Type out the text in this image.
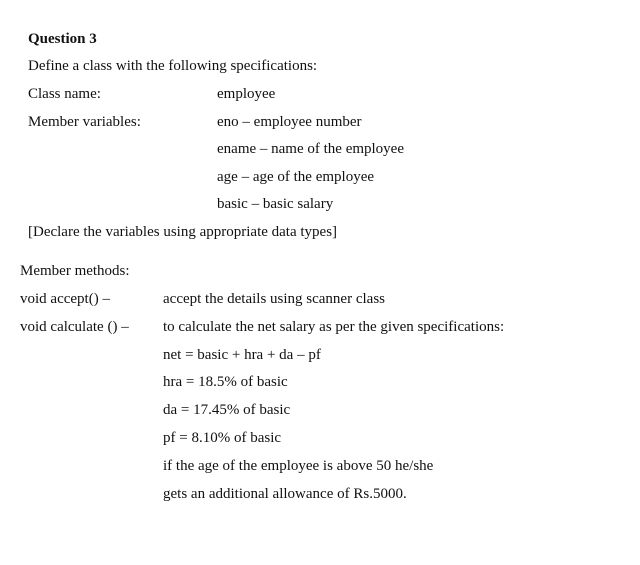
Question 3
Define a class with the following specifications:
Class name:	employee
Member variables:	eno – employee number
ename – name of the employee
age – age of the employee
basic – basic salary
[Declare the variables using appropriate data types]
Member methods:
void accept() –	accept the details using scanner class
void calculate () – to calculate the net salary as per the given specifications:
net = basic + hra + da – pf
hra = 18.5% of basic
da = 17.45% of basic
pf = 8.10% of basic
if the age of the employee is above 50 he/she
gets an additional allowance of Rs.5000.
